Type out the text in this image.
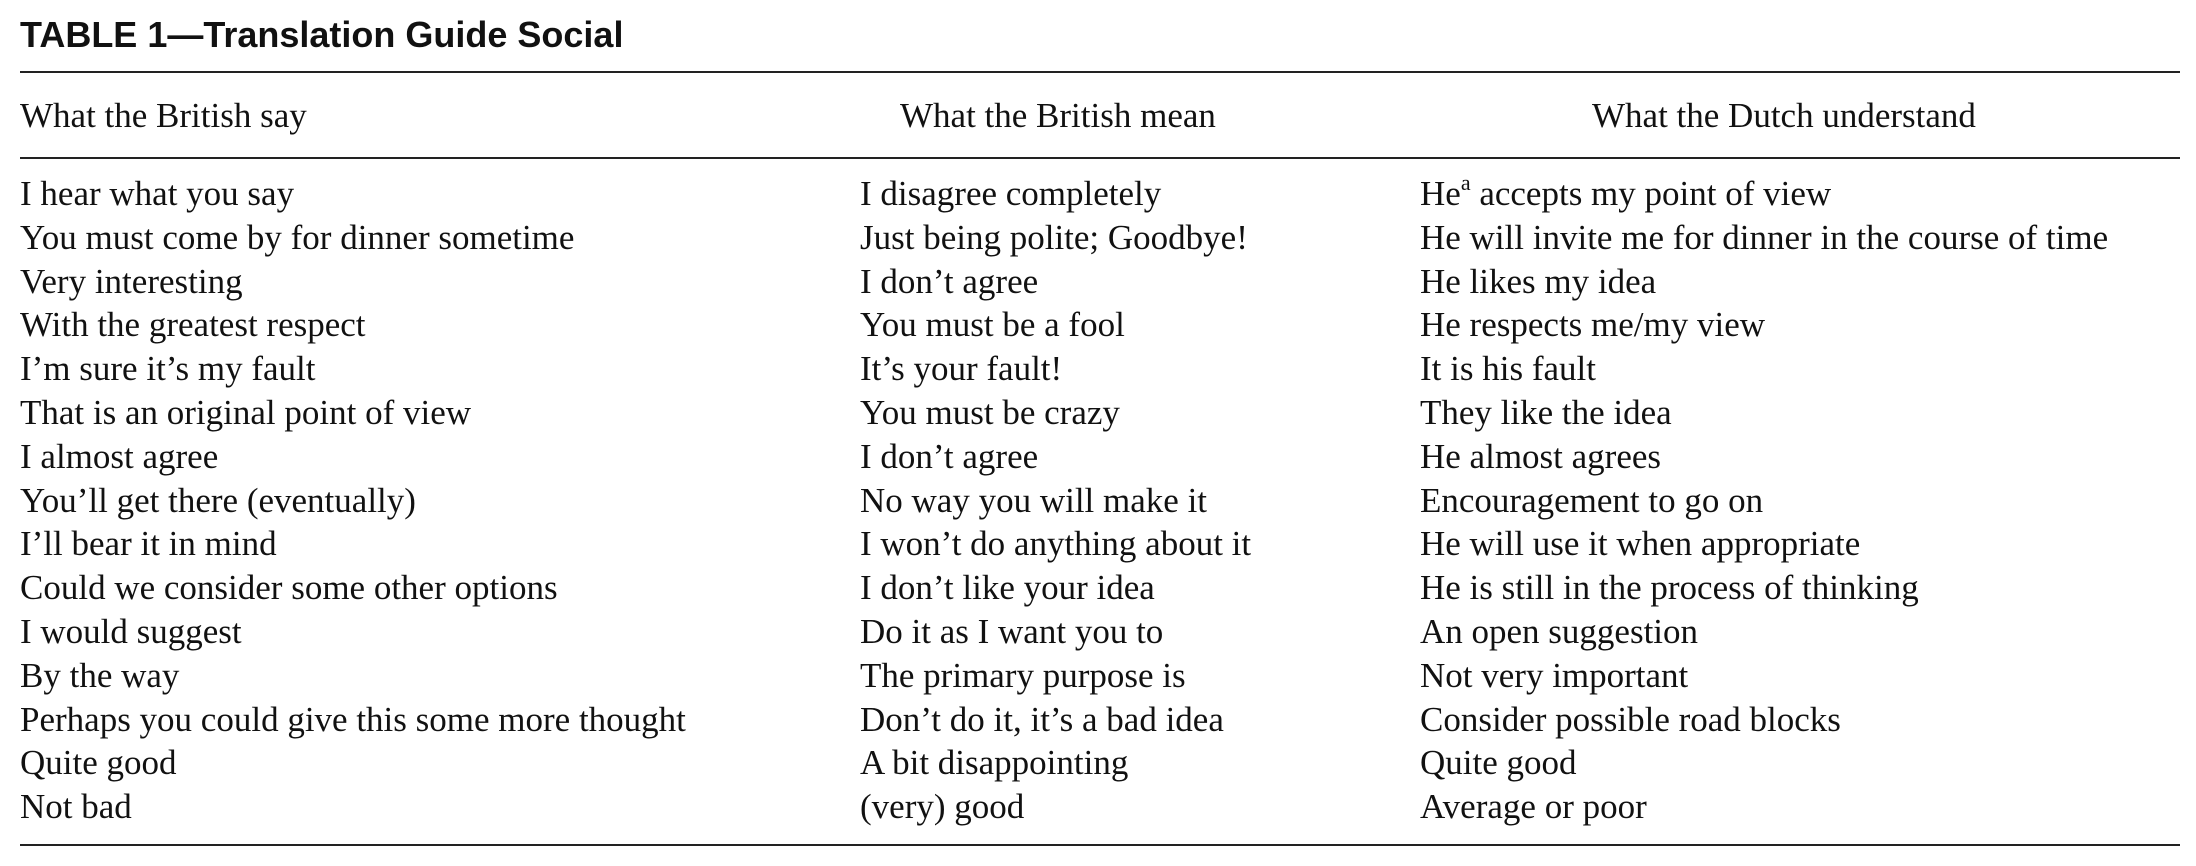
TABLE 1—Translation Guide Social
What the British say	What the British mean	What the Dutch understand
I hear what you say	I disagree completely	He$^a$ accepts my point of view
You must come by for dinner sometime	Just being polite; Goodbye!	He will invite me for dinner in the course of time
Very interesting	I don’t agree	He likes my idea
With the greatest respect	You must be a fool	He respects me/my view
I’m sure it’s my fault	It’s your fault!	It is his fault
That is an original point of view	You must be crazy	They like the idea
I almost agree	I don’t agree	He almost agrees
You’ll get there (eventually)	No way you will make it	Encouragement to go on
I’ll bear it in mind	I won’t do anything about it	He will use it when appropriate
Could we consider some other options	I don’t like your idea	He is still in the process of thinking
I would suggest	Do it as I want you to	An open suggestion
By the way	The primary purpose is	Not very important
Perhaps you could give this some more thought	Don’t do it, it’s a bad idea	Consider possible road blocks
Quite good	A bit disappointing	Quite good
Not bad	(very) good	Average or poor
